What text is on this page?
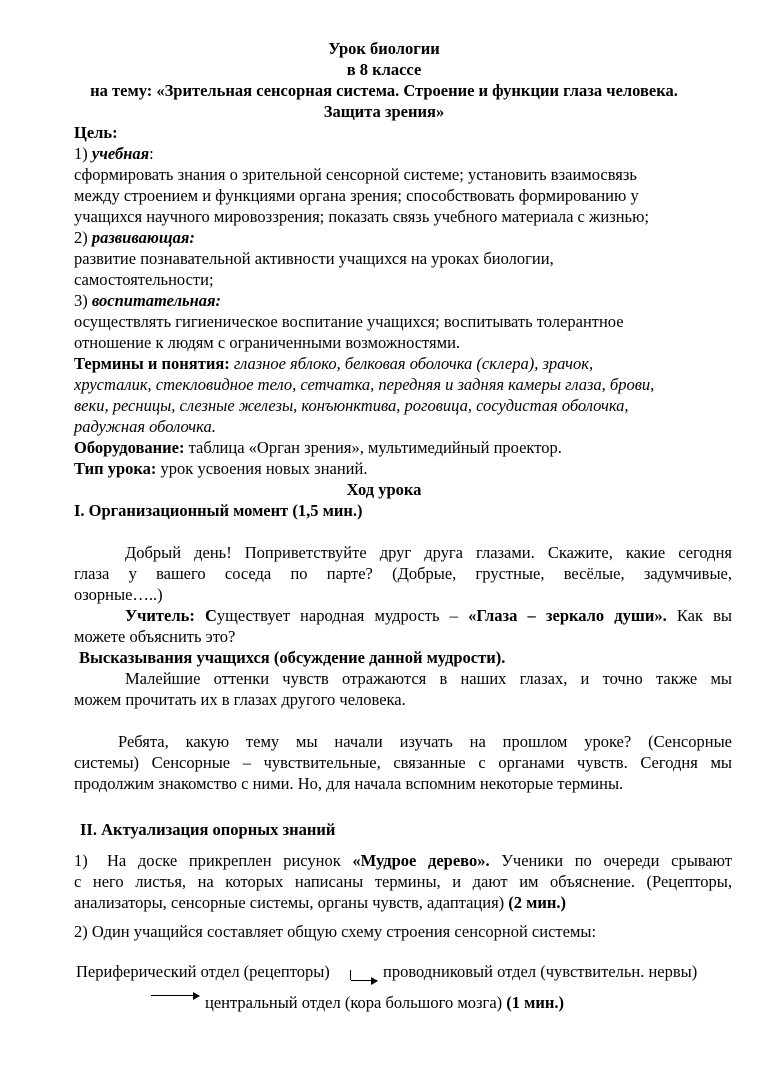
Урок биологии
в 8 классе
на тему: «Зрительная сенсорная система. Строение и функции глаза человека.
Защита зрения»
Цель:
1) учебная:
сформировать знания о зрительной сенсорной системе; установить взаимосвязь
между строением и функциями органа зрения; способствовать формированию у
учащихся научного мировоззрения; показать связь учебного материала с жизнью;
2) развивающая:
развитие познавательной активности учащихся на уроках биологии,
самостоятельности;
3) воспитательная:
осуществлять гигиеническое воспитание учащихся; воспитывать толерантное
отношение к людям с ограниченными возможностями.
Термины и понятия: глазное яблоко, белковая оболочка (склера), зрачок,
хрусталик, стекловидное тело, сетчатка, передняя и задняя камеры глаза, брови,
веки, ресницы, слезные железы, конъюнктива, роговица, сосудистая оболочка,
радужная оболочка.
Оборудование: таблица «Орган зрения», мультимедийный проектор.
Тип урока: урок усвоения новых знаний.
Ход урока
I. Организационный момент (1,5 мин.)
Добрый день! Поприветствуйте друг друга глазами. Скажите, какие сегодня
глаза у вашего соседа по парте? (Добрые, грустные, весёлые, задумчивые,
озорные…..)
Учитель: Существует народная мудрость – «Глаза – зеркало души». Как вы
можете объяснить это?
Высказывания учащихся (обсуждение данной мудрости).
Малейшие оттенки чувств отражаются в наших глазах, и точно также мы
можем прочитать их в глазах другого человека.
Ребята, какую тему мы начали изучать на прошлом уроке? (Сенсорные
системы) Сенсорные – чувствительные, связанные с органами чувств. Сегодня мы
продолжим знакомство с ними. Но, для начала вспомним некоторые термины.
II. Актуализация опорных знаний
1) На доске прикреплен рисунок «Мудрое дерево». Ученики по очереди срывают
с него листья, на которых написаны термины, и дают им объяснение. (Рецепторы,
анализаторы, сенсорные системы, органы чувств, адаптация) (2 мин.)
2) Один учащийся составляет общую схему строения сенсорной системы:
Периферический отдел (рецепторы)	проводниковый отдел (чувствительн. нервы)
центральный отдел (кора большого мозга) (1 мин.)
